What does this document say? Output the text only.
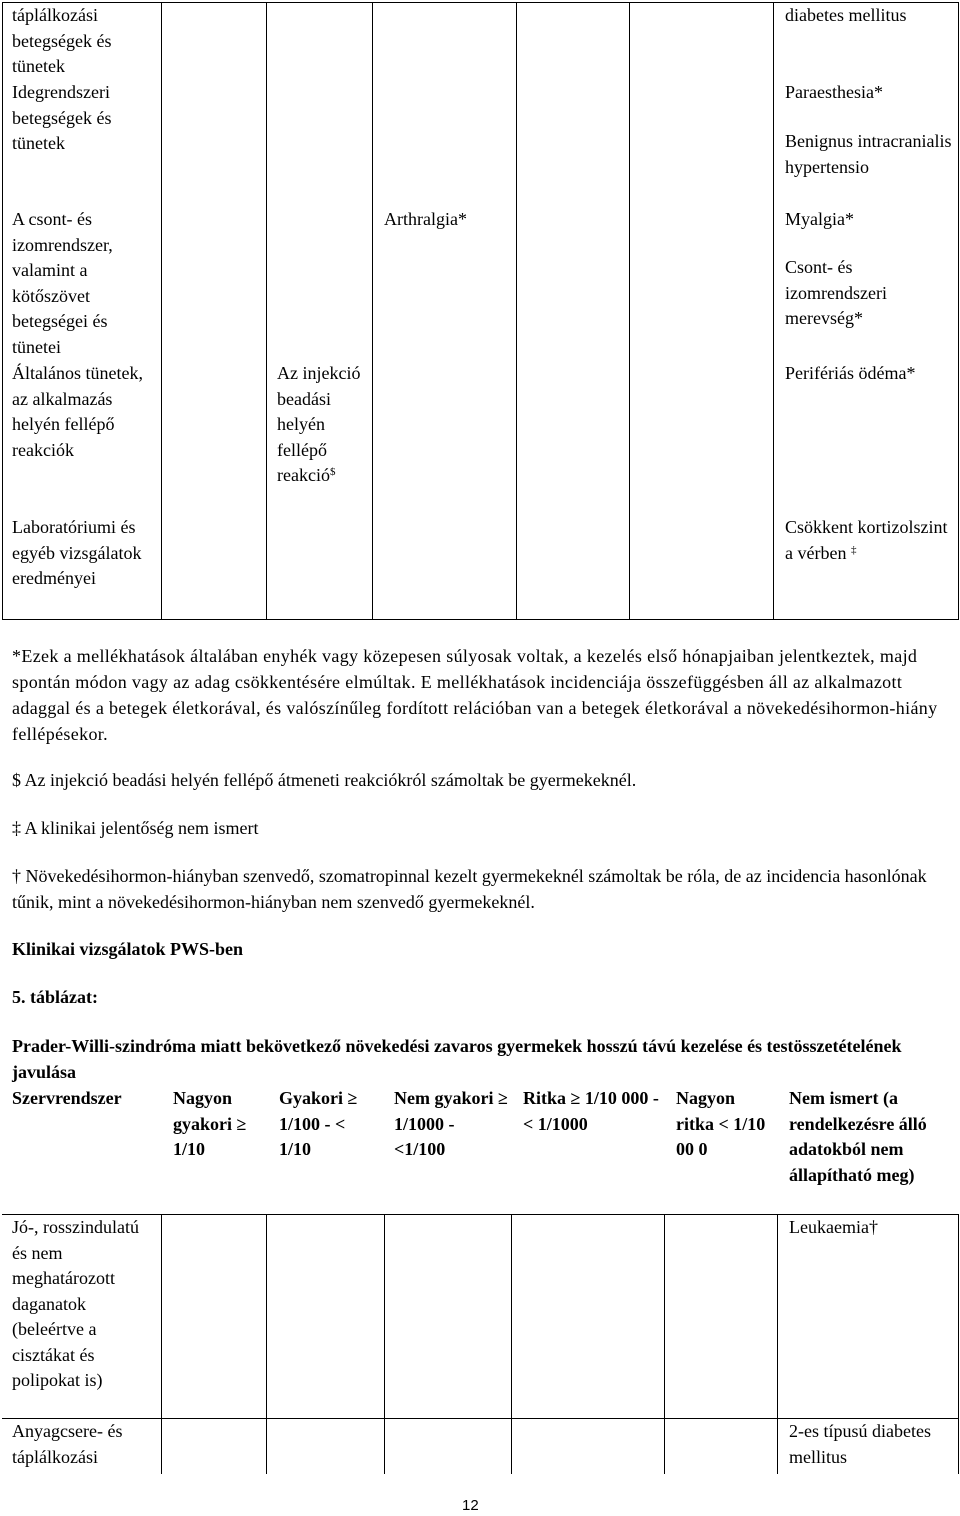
táplálkozási betegségek és tünetek
Idegrendszeri betegségek és tünetek
A csont- és izomrendszer, valamint a kötőszövet betegségei és tünetei
Általános tünetek, az alkalmazás helyén fellépő reakciók
Laboratóriumi és egyéb vizsgálatok eredményei
Az injekció beadási helyén fellépő reakció$
Arthralgia*
diabetes mellitus
Paraesthesia*
Benignus intracranialis hypertensio
Myalgia*
Csont- és izomrendszeri merevség*
Perifériás ödéma*
Csökkent kortizolszint a vérben ‡
*Ezek a mellékhatások általában enyhék vagy közepesen súlyosak voltak, a kezelés első hónapjaiban jelentkeztek, majd spontán módon vagy az adag csökkentésére elmúltak. E mellékhatások incidenciája összefüggésben áll az alkalmazott adaggal és a betegek életkorával, és valószínűleg fordított relációban van a betegek életkorával a növekedésihormon-hiány fellépésekor.
$ Az injekció beadási helyén fellépő átmeneti reakciókról számoltak be gyermekeknél.
‡ A klinikai jelentőség nem ismert
† Növekedésihormon-hiányban szenvedő, szomatropinnal kezelt gyermekeknél számoltak be róla, de az incidencia hasonlónak tűnik, mint a növekedésihormon-hiányban nem szenvedő gyermekeknél.
Klinikai vizsgálatok PWS-ben
5. táblázat:
Prader-Willi-szindróma miatt bekövetkező növekedési zavaros gyermekek hosszú távú kezelése és testösszetételének javulása
Szervrendszer	Nagyon gyakori ≥ 1/10
Gyakori ≥ 1/100 - < 1/10
Nem gyakori ≥ 1/1000 - <1/100
Ritka ≥ 1/10 000 - < 1/1000
Nagyon ritka < 1/10 00 0
Nem ismert (a rendelkezésre álló adatokból nem állapítható meg)
Jó-, rosszindulatú és nem meghatározott daganatok (beleértve a cisztákat és polipokat is)
Leukaemia†
Anyagcsere- és táplálkozási
2-es típusú diabetes mellitus
12
